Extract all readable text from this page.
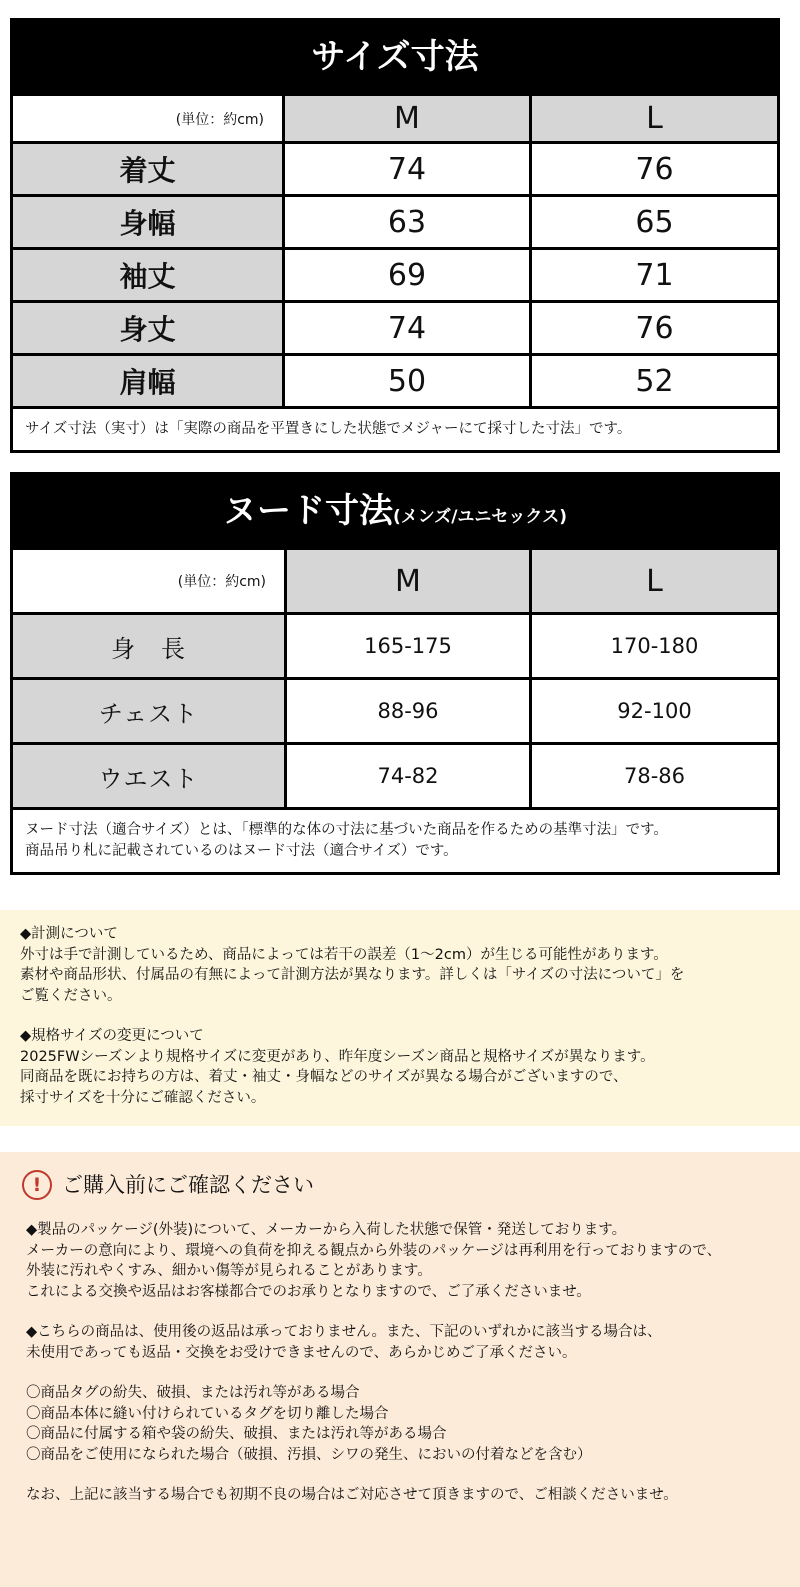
サイズ寸法
(単位：約cm)	M	L
着丈	74	76
身幅	63	65
袖丈	69	71
身丈	74	76
肩幅	50	52
サイズ寸法（実寸）は「実際の商品を平置きにした状態でメジャーにて採寸した寸法」です。
ヌード寸法(メンズ/ユニセックス)
(単位：約cm)	M	L
身　長	165-175	170-180
チェスト	88-96	92-100
ウエスト	74-82	78-86
ヌード寸法（適合サイズ）とは、「標準的な体の寸法に基づいた商品を作るための基準寸法」です。
商品吊り札に記載されているのはヌード寸法（適合サイズ）です。
◆計測について
外寸は手で計測しているため、商品によっては若干の誤差（1〜2cm）が生じる可能性があります。
素材や商品形状、付属品の有無によって計測方法が異なります。詳しくは「サイズの寸法について」を
ご覧ください。
◆規格サイズの変更について
2025FWシーズンより規格サイズに変更があり、昨年度シーズン商品と規格サイズが異なります。
同商品を既にお持ちの方は、着丈・袖丈・身幅などのサイズが異なる場合がございますので、
採寸サイズを十分にご確認ください。
! ご購入前にご確認ください
◆製品のパッケージ(外装)について、メーカーから入荷した状態で保管・発送しております。
メーカーの意向により、環境への負荷を抑える観点から外装のパッケージは再利用を行っておりますので、
外装に汚れやくすみ、細かい傷等が見られることがあります。
これによる交換や返品はお客様都合でのお承りとなりますので、ご了承くださいませ。
◆こちらの商品は、使用後の返品は承っておりません。また、下記のいずれかに該当する場合は、
未使用であっても返品・交換をお受けできませんので、あらかじめご了承ください。
〇商品タグの紛失、破損、または汚れ等がある場合
〇商品本体に縫い付けられているタグを切り離した場合
〇商品に付属する箱や袋の紛失、破損、または汚れ等がある場合
〇商品をご使用になられた場合（破損、汚損、シワの発生、においの付着などを含む）
なお、上記に該当する場合でも初期不良の場合はご対応させて頂きますので、ご相談くださいませ。
